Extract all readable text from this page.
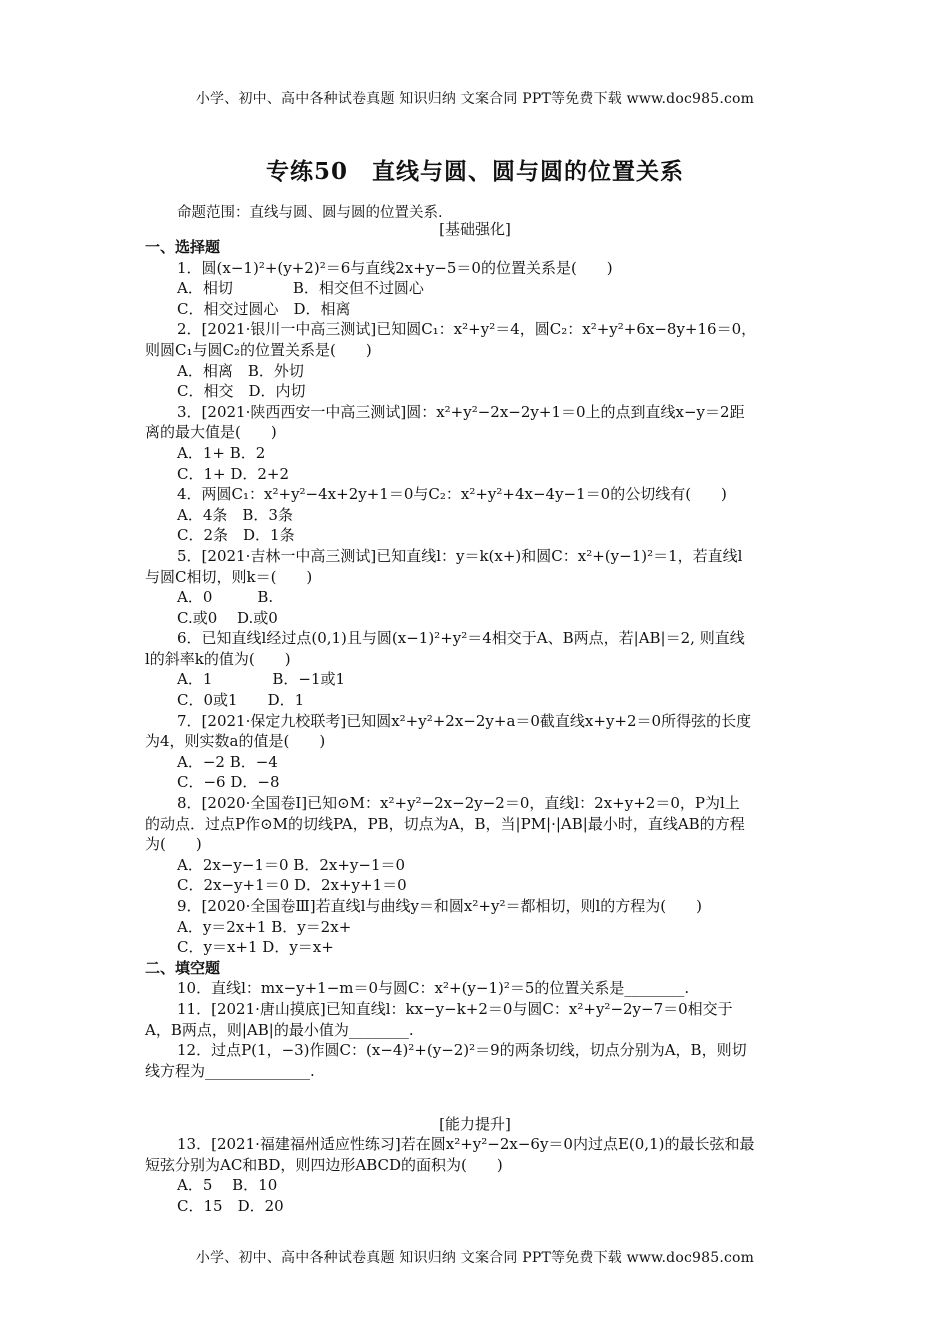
小学、初中、高中各种试卷真题 知识归纳 文案合同 PPT等免费下载 www.doc985.com
专练50　直线与圆、圆与圆的位置关系
命题范围：直线与圆、圆与圆的位置关系.
[基础强化]
一、选择题
1．圆(x−1)²+(y+2)²＝6与直线2x+y−5＝0的位置关系是(　　)
A．相切　　　　B．相交但不过圆心
C．相交过圆心　D．相离
2．[2021·银川一中高三测试]已知圆C₁：x²+y²＝4，圆C₂：x²+y²+6x−8y+16＝0，
则圆C₁与圆C₂的位置关系是(　　)
A．相离　B．外切
C．相交　D．内切
3．[2021·陕西西安一中高三测试]圆：x²+y²−2x−2y+1＝0上的点到直线x−y＝2距
离的最大值是(　　)
A．1+ B．2
C．1+ D．2+2
4．两圆C₁：x²+y²−4x+2y+1＝0与C₂：x²+y²+4x−4y−1＝0的公切线有(　　)
A．4条　B．3条
C．2条　D．1条
5．[2021·吉林一中高三测试]已知直线l：y＝k(x+)和圆C：x²+(y−1)²＝1，若直线l
与圆C相切，则k＝(　　)
A．0　　　B.
C.或0　 D.或0
6．已知直线l经过点(0,1)且与圆(x−1)²+y²＝4相交于A、B两点，若|AB|＝2, 则直线
l的斜率k的值为(　　)
A．1　　　　B．−1或1
C．0或1　　D．1
7．[2021·保定九校联考]已知圆x²+y²+2x−2y+a＝0截直线x+y+2＝0所得弦的长度
为4，则实数a的值是(　　)
A．−2 B．−4
C．−6 D．−8
8．[2020·全国卷Ⅰ]已知⊙M：x²+y²−2x−2y−2＝0，直线l：2x+y+2＝0，P为l上
的动点．过点P作⊙M的切线PA，PB，切点为A，B，当|PM|·|AB|最小时，直线AB的方程
为(　　)
A．2x−y−1＝0 B．2x+y−1＝0
C．2x−y+1＝0 D．2x+y+1＝0
9．[2020·全国卷Ⅲ]若直线l与曲线y＝和圆x²+y²＝都相切，则l的方程为(　　)
A．y＝2x+1 B．y＝2x+
C．y＝x+1 D．y＝x+
二、填空题
10．直线l：mx−y+1−m＝0与圆C：x²+(y−1)²＝5的位置关系是________.
11．[2021·唐山摸底]已知直线l：kx−y−k+2＝0与圆C：x²+y²−2y−7＝0相交于
A，B两点，则|AB|的最小值为________.
12．过点P(1，−3)作圆C：(x−4)²+(y−2)²＝9的两条切线，切点分别为A，B，则切
线方程为______________.
[能力提升]
13．[2021·福建福州适应性练习]若在圆x²+y²−2x−6y＝0内过点E(0,1)的最长弦和最
短弦分别为AC和BD，则四边形ABCD的面积为(　　)
A．5　 B．10
C．15　D．20
小学、初中、高中各种试卷真题 知识归纳 文案合同 PPT等免费下载 www.doc985.com
